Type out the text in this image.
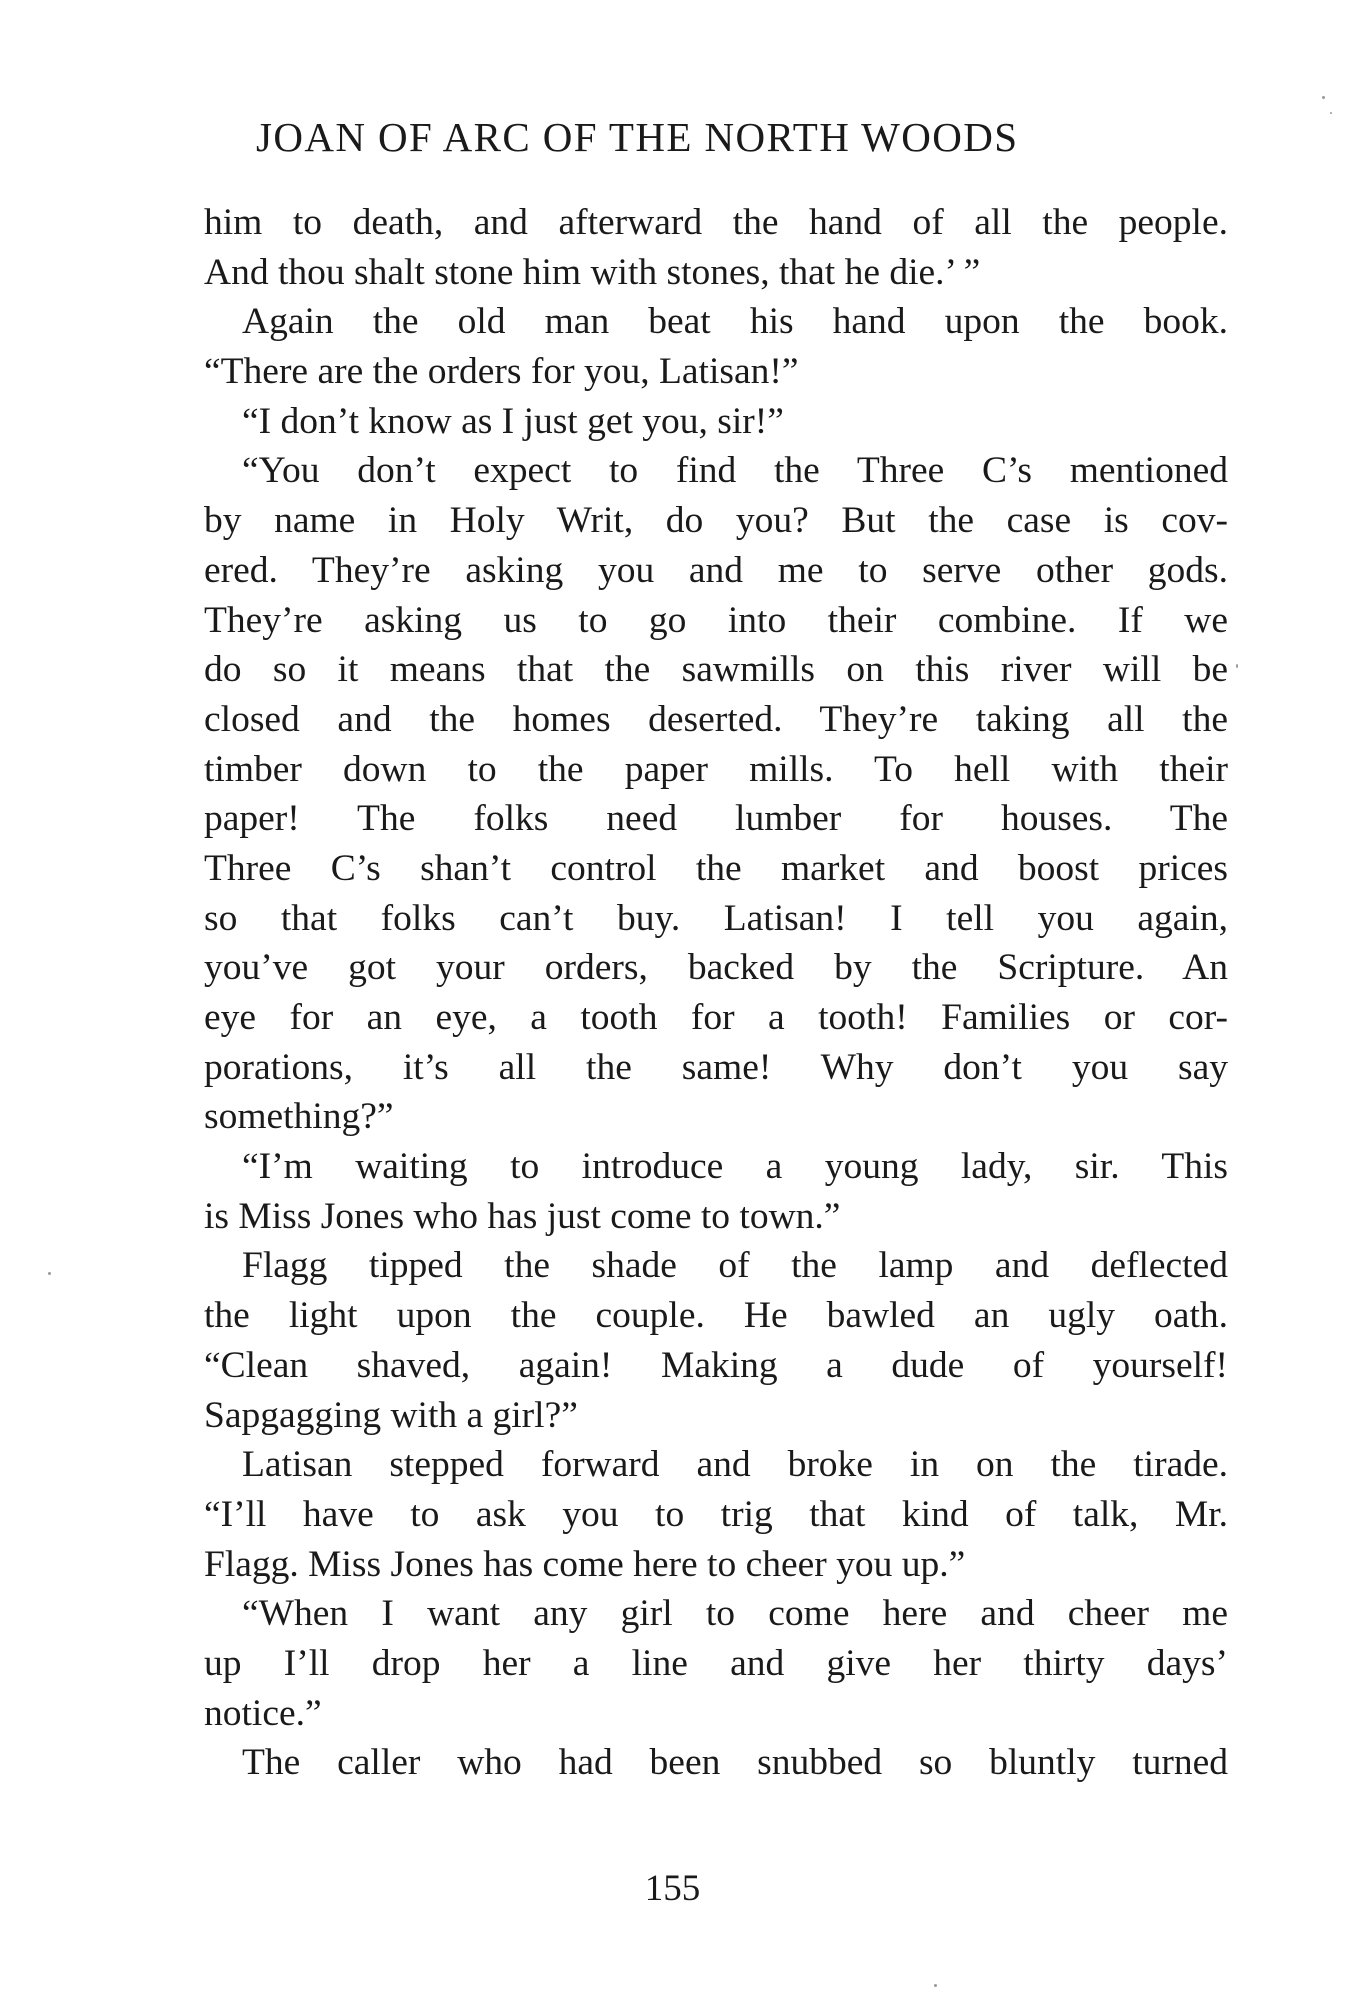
JOAN OF ARC OF THE NORTH WOODS
him to death, and afterward the hand of all the people.
And thou shalt stone him with stones, that he die.’ ”
Again the old man beat his hand upon the book.
“There are the orders for you, Latisan!”
“I don’t know as I just get you, sir!”
“You don’t expect to find the Three C’s mentioned
by name in Holy Writ, do you? But the case is cov-
ered. They’re asking you and me to serve other gods.
They’re asking us to go into their combine. If we
do so it means that the sawmills on this river will be
closed and the homes deserted. They’re taking all the
timber down to the paper mills. To hell with their
paper! The folks need lumber for houses. The
Three C’s shan’t control the market and boost prices
so that folks can’t buy. Latisan! I tell you again,
you’ve got your orders, backed by the Scripture. An
eye for an eye, a tooth for a tooth! Families or cor-
porations, it’s all the same! Why don’t you say
something?”
“I’m waiting to introduce a young lady, sir. This
is Miss Jones who has just come to town.”
Flagg tipped the shade of the lamp and deflected
the light upon the couple. He bawled an ugly oath.
“Clean shaved, again! Making a dude of yourself!
Sapgagging with a girl?”
Latisan stepped forward and broke in on the tirade.
“I’ll have to ask you to trig that kind of talk, Mr.
Flagg. Miss Jones has come here to cheer you up.”
“When I want any girl to come here and cheer me
up I’ll drop her a line and give her thirty days’
notice.”
The caller who had been snubbed so bluntly turned
155
